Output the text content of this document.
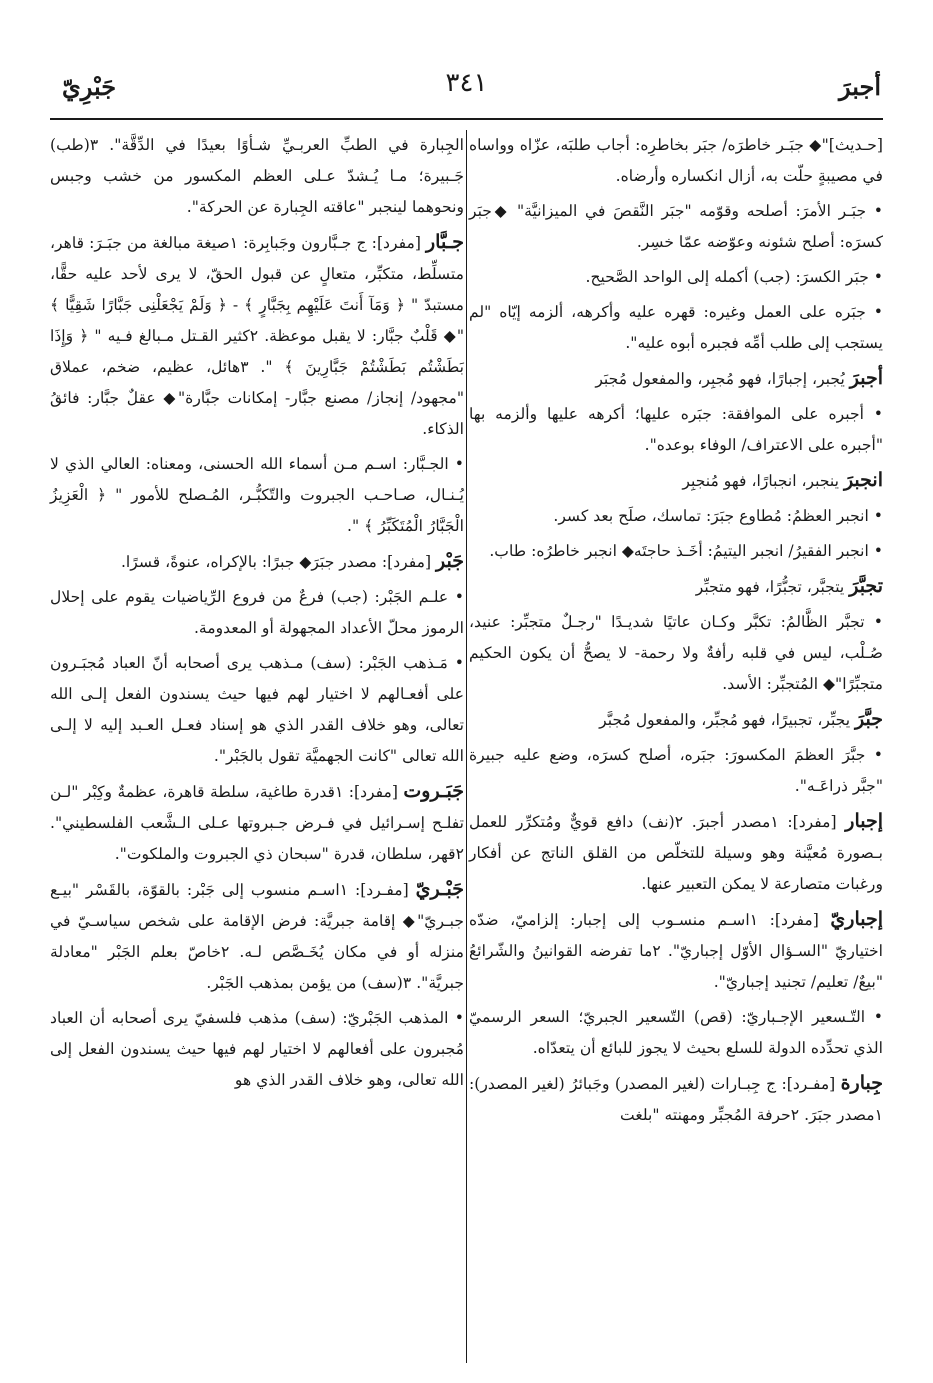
أجبرَ
٣٤١
جَبْرِيّ

[حـديث]"◆ جبَـر خاطرَه/ جبَر بخاطرِه: أجاب طلبَه، عزّاه وواساه في مصيبةٍ حلّت به، أزال انكساره وأرضاه.

• جبَـر الأمرَ: أصلحه وقوّمه "جبَر النَّقصَ في الميزانيَّة" ◆جبَر كسرَه: أصلح شئونه وعوّضه عمّا خسِر.

• جبَر الكسرَ: (جب) أكمله إلى الواحد الصَّحيح.

• جبَره على العمل وغيره: قهره عليه وأكرهه، ألزمه إيّاه "لم يستجب إلى طلب أمِّه فجبره أبوه عليه".

أجبرَ يُجبر، إجبارًا، فهو مُجبِر، والمفعول مُجبَر

• أجبره على الموافقة: جبَره عليها؛ أكرهه عليها وألزمه بها "أجبره على الاعتراف/ الوفاء بوعده".

انجبرَ ينجبر، انجبارًا، فهو مُنجبِر

• انجبر العظمُ: مُطاوع جبَرَ: تماسك، صلَح بعد كسر.

• انجبر الفقيرُ/ انجبر اليتيمُ: أخَـذ حاجتَه◆ انجبر خاطرُه: طاب.

تجبَّرَ يتجبَّر، تجبُّرًا، فهو متجبِّر

• تجبَّر الظَّالمُ: تكبَّر وكـان عاتيًا شديـدًا "رجـلٌ متجبِّر: عنيد، صُـلْب، ليس في قلبه رأفةٌ ولا رحمة- لا يصحُّ أن يكون الحكيم متجبِّرًا"◆ المُتجبِّر: الأسد.

جبَّرَ يجبِّر، تجبيرًا، فهو مُجبِّر، والمفعول مُجبَّر

• جبَّرَ العظمَ المكسورَ: جبَره، أصلح كسرَه، وضع عليه جبيرة "جبَّر ذراعَـه".

إجبار [مفرد]: ١مصدر أجبرَ. ٢(نف) دافع قويٌّ ومُتكرِّر للعمل بـصورة مُعيَّنة وهو وسيلة للتخلّص من القلق الناتج عن أفكار ورغبات متصارعة لا يمكن التعبير عنها.

إجباريّ [مفرد]: ١اسـم منسـوب إلى إجبار: إلزاميّ، ضدّه اختياريّ "السـؤال الأوّل إجباريّ". ٢ما تفرضه القوانينُ والشّرائعُ "بيعٌ/ تعليم/ تجنيد إجباريّ".

• التّـسعير الإجـباريّ: (قص) التّسعير الجبريّ؛ السعر الرسميّ الذي تحدِّده الدولة للسلع بحيث لا يجوز للبائع أن يتعدّاه.

جِبارة [مفـرد]: ج جِبـارات (لغير المصدر) وجَبائرُ (لغير المصدر): ١مصدر جبَرَ. ٢حرفة المُجبِّر ومهنته "بلغت

الجِبارة في الطبِّ العربـيِّ شـأوًا بعيدًا في الدِّقَّة". ٣(طب) جَـبيرة؛ مـا يُـشدّ عـلى العظم المكسور من خشب وجبس ونحوهما لينجبر "عاقته الجِبارة عن الحركة".

جـبَّار [مفرد]: ج جـبَّارون وجَبابِرة: ١صيغة مبالغة من جبَـرَ: قاهر، متسلِّط، متكبِّر، متعالٍ عن قبول الحقّ، لا يرى لأحد عليه حقًّا، مستبدّ " ﴿ وَمَآ أَنتَ عَلَيْهِم بِجَبَّارٍ ﴾ - ﴿ وَلَمْ يَجْعَلْنِى جَبَّارًا شَقِيًّا ﴾ "◆ قَلْبٌ جبَّار: لا يقبل موعظة. ٢كثير القـتل مـبالغ فـيه " ﴿ وَإِذَا بَطَشْتُم بَطَشْتُمْ جَبَّارِينَ ﴾ ". ٣هائل، عظيم، ضخم، عملاق "مجهود/ إنجاز/ مصنع جبَّار- إمكانات جبَّارة"◆ عقلٌ جبَّار: فائقُ الذكاء.

• الجـبَّار: اسـم مـن أسماء الله الحسنى، ومعناه: العالي الذي لا يُـنـال، صـاحـب الجبروت والتّكبُّـر، المُـصلح للأمور " ﴿ الْعَزِيزُ الْجَبَّارُ الْمُتَكَبِّرُ ﴾ ".

جَبْر [مفرد]: مصدر جبَرَ◆ جبرًا: بالإكراه، عنوةً، قسرًا.

• علـم الجَبْر: (جب) فرعٌ من فروع الرِّياضيات يقوم على إحلال الرموز محلّ الأعداد المجهولة أو المعدومة.

• مَـذهب الجَبْر: (سف) مـذهب يرى أصحابه أنّ العباد مُجبَـرون على أفعـالهم لا اختيار لهم فيها حيث يسندون الفعل إلـى الله تعالى، وهو خلاف القدر الذي هو إسناد فعـل العـبد إليه لا إلـى الله تعالى "كانت الجهميَّة تقول بالجَبْر".

جَبَـروت [مفرد]: ١قدرة طاغية، سلطة قاهرة، عظمةٌ وكِبْر "لـن تفلـح إسـرائيل في فـرض جـبروتها عـلى الـشَّعب الفلسطيني". ٢قهر، سلطان، قدرة "سبحان ذي الجبروت والملكوت".

جَبْـريّ [مفـرد]: ١اسـم منسوب إلى جَبْر: بالقوّة، بالقَسْر "بيـع جبـريّ"◆ إقامة جبريَّة: فرض الإقامة على شخص سياسـيّ في منزله أو في مكان يُخَـصَّص لـه. ٢خاصّ بعلم الجَبْر "معادلة جبريَّة". ٣(سف) من يؤمن بمذهب الجَبْر.

• المذهب الجَبْريّ: (سف) مذهب فلسفيّ يرى أصحابه أن العباد مُجبرون على أفعالهم لا اختيار لهم فيها حيث يسندون الفعل إلى الله تعالى، وهو خلاف القدر الذي هو
